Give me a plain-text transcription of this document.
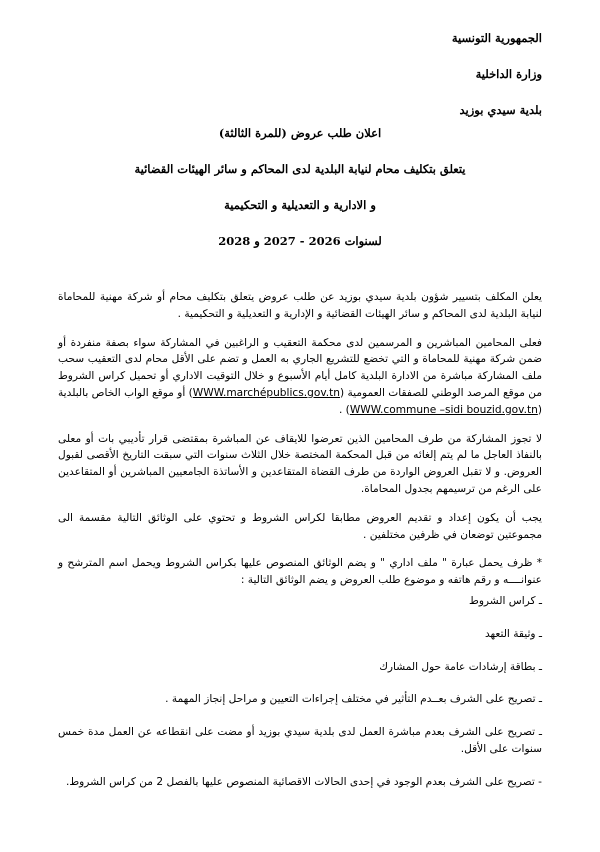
الجمهورية التونسية
وزارة الداخلية
بلدية سيدي بوزيد
اعلان طلب عروض (للمرة الثالثة)
يتعلق بتكليف محام لنيابة البلدية لدى المحاكم و سائر الهيئات القضائية
و الادارية و التعديلية و التحكيمية
لسنوات 2026 - 2027 و 2028

يعلن المكلف بتسيير شؤون بلدية سيدي بوزيد عن طلب عروض يتعلق بتكليف محام أو شركة مهنية للمحاماة لنيابة البلدية لدى المحاكم و سائر الهيئات القضائية و الإدارية و التعديلية و التحكيمية .

فعلى المحامين المباشرين و المرسمين لدى محكمة التعقيب و الراغبين في المشاركة سواء بصفة منفردة أو ضمن شركة مهنية للمحاماة و التي تخضع للتشريع الجاري به العمل و تضم على الأقل محام لدى التعقيب سحب ملف المشاركة مباشرة من الادارة البلدية كامل أيام الأسبوع و خلال التوقيت الاداري أو تحميل كراس الشروط من موقع المرصد الوطني للصفقات العمومية (WWW.marchépublics.gov.tn) أو موقع الواب الخاص بالبلدية (WWW.commune –sidi bouzid.gov.tn) .

لا تجوز المشاركة من طرف المحامين الذين تعرضوا للايقاف عن المباشرة بمقتضى قرار تأديبي بات أو معلى بالنفاذ العاجل ما لم يتم إلغائه من قبل المحكمة المختصة خلال الثلاث سنوات التي سبقت التاريخ الأقصى لقبول العروض. و لا تقبل العروض الواردة من طرف القضاة المتقاعدين و الأساتذة الجامعيين المباشرين أو المتقاعدين على الرغم من ترسيمهم بجدول المحاماة.

يجب أن يكون إعداد و تقديم العروض مطابقا لكراس الشروط و تحتوي على الوثائق التالية مقسمة الى مجموعتين توضعان في ظرفين مختلفين .

* ظرف يحمل عبارة " ملف اداري " و يضم الوثائق المنصوص عليها بكراس الشروط ويحمل اسم المترشح و عنوانــــه و رقم هاتفه و موضوع طلب العروض و يضم الوثائق التالية :

ـ كراس الشروط
ـ وثيقة التعهد
ـ بطاقة إرشادات عامة حول المشارك
ـ تصريح على الشرف بعــدم التأثير في مختلف إجراءات التعيين و مراحل إنجاز المهمة .
ـ تصريح على الشرف بعدم مباشرة العمل لدى بلدية سيدي بوزيد أو مضت على انقطاعه عن العمل مدة خمس سنوات على الأقل.
- تصريح على الشرف بعدم الوجود في إحدى الحالات الاقصائية المنصوص عليها بالفصل 2 من كراس الشروط.
